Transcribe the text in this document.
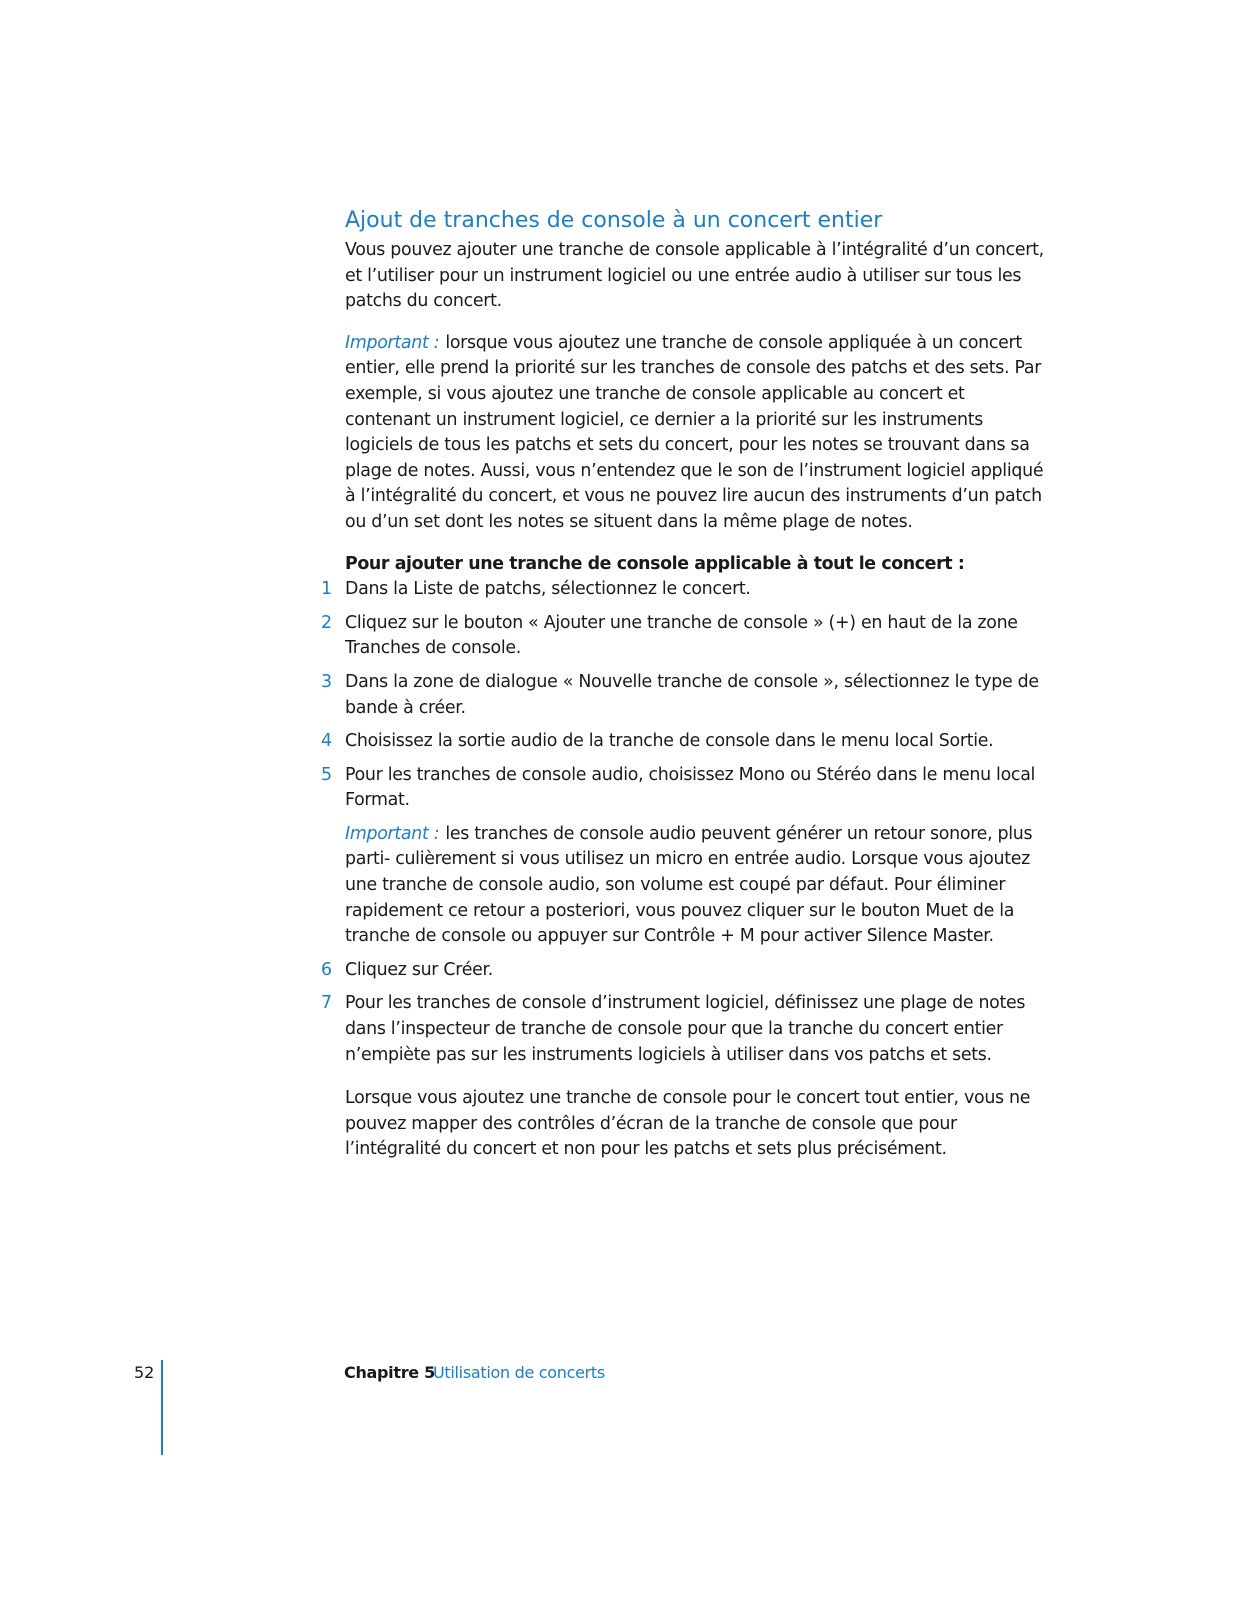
Ajout de tranches de console à un concert entier

Vous pouvez ajouter une tranche de console applicable à l’intégralité d’un concert, et l’utiliser pour un instrument logiciel ou une entrée audio à utiliser sur tous les patchs du concert.

Important : lorsque vous ajoutez une tranche de console appliquée à un concert entier, elle prend la priorité sur les tranches de console des patchs et des sets. Par exemple, si vous ajoutez une tranche de console applicable au concert et contenant un instrument logiciel, ce dernier a la priorité sur les instruments logiciels de tous les patchs et sets du concert, pour les notes se trouvant dans sa plage de notes. Aussi, vous n’entendez que le son de l’instrument logiciel appliqué à l’intégralité du concert, et vous ne pouvez lire aucun des instruments d’un patch ou d’un set dont les notes se situent dans la même plage de notes.

Pour ajouter une tranche de console applicable à tout le concert :

1 Dans la Liste de patchs, sélectionnez le concert.
2 Cliquez sur le bouton « Ajouter une tranche de console » (+) en haut de la zone Tranches de console.
3 Dans la zone de dialogue « Nouvelle tranche de console », sélectionnez le type de bande à créer.
4 Choisissez la sortie audio de la tranche de console dans le menu local Sortie.
5 Pour les tranches de console audio, choisissez Mono ou Stéréo dans le menu local Format.

Important : les tranches de console audio peuvent générer un retour sonore, plus parti- culièrement si vous utilisez un micro en entrée audio. Lorsque vous ajoutez une tranche de console audio, son volume est coupé par défaut. Pour éliminer rapidement ce retour a posteriori, vous pouvez cliquer sur le bouton Muet de la tranche de console ou appuyer sur Contrôle + M pour activer Silence Master.

6 Cliquez sur Créer.
7 Pour les tranches de console d’instrument logiciel, définissez une plage de notes dans l’inspecteur de tranche de console pour que la tranche du concert entier n’empiète pas sur les instruments logiciels à utiliser dans vos patchs et sets.

Lorsque vous ajoutez une tranche de console pour le concert tout entier, vous ne pouvez mapper des contrôles d’écran de la tranche de console que pour l’intégralité du concert et non pour les patchs et sets plus précisément.

52	Chapitre 5
Utilisation de concerts
